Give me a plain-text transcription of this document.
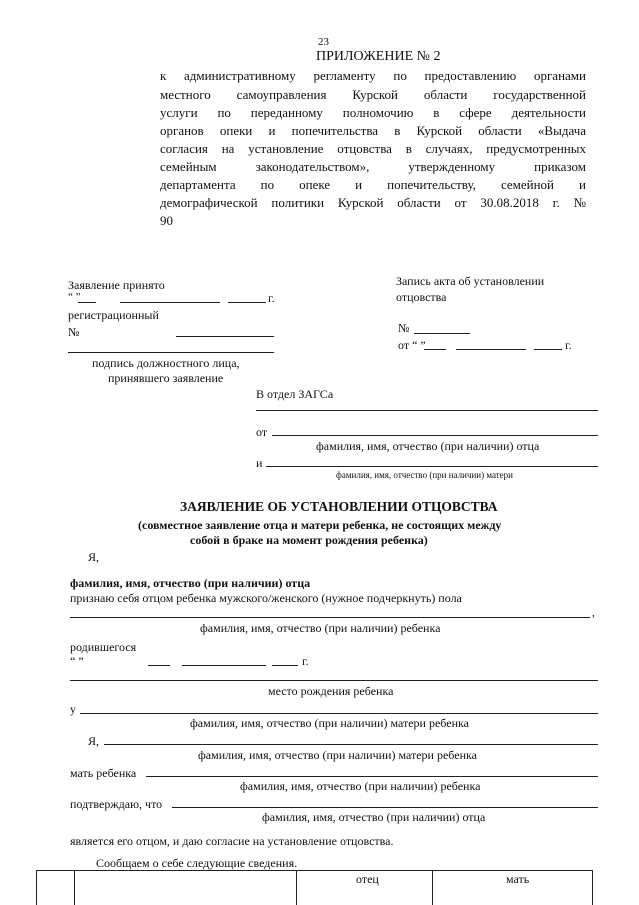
23
ПРИЛОЖЕНИЕ № 2
к административному регламенту по предоставлению органами
местного самоуправления Курской области государственной
услуги по переданному полномочию в сфере деятельности
органов опеки и попечительства в Курской области «Выдача
согласия на установление отцовства в случаях, предусмотренных
семейным законодательством», утвержденному приказом
департамента по опеке и попечительству, семейной и
демографической политики Курской области от 30.08.2018 г. №
90
Заявление принято
“ ”	г.
регистрационный
№
подпись должностного лица,
принявшего заявление
Запись акта об установлении
отцовства
№
от “ ”	г.
В отдел ЗАГСа
от
фамилия, имя, отчество (при наличии) отца
и
фамилия, имя, отчество (при наличии) матери
ЗАЯВЛЕНИЕ ОБ УСТАНОВЛЕНИИ ОТЦОВСТВА
(совместное заявление отца и матери ребенка, не состоящих между
собой в браке на момент рождения ребенка)
Я,
фамилия, имя, отчество (при наличии) отца
признаю себя отцом ребенка мужского/женского (нужное подчеркнуть) пола
,
фамилия, имя, отчество (при наличии) ребенка
родившегося
“ ”	г.
место рождения ребенка
у
фамилия, имя, отчество (при наличии) матери ребенка
Я,
фамилия, имя, отчество (при наличии) матери ребенка
мать ребенка
фамилия, имя, отчество (при наличии) ребенка
подтверждаю, что
фамилия, имя, отчество (при наличии) отца
является его отцом, и даю согласие на установление отцовства.
Сообщаем о себе следующие сведения.
отец	мать
